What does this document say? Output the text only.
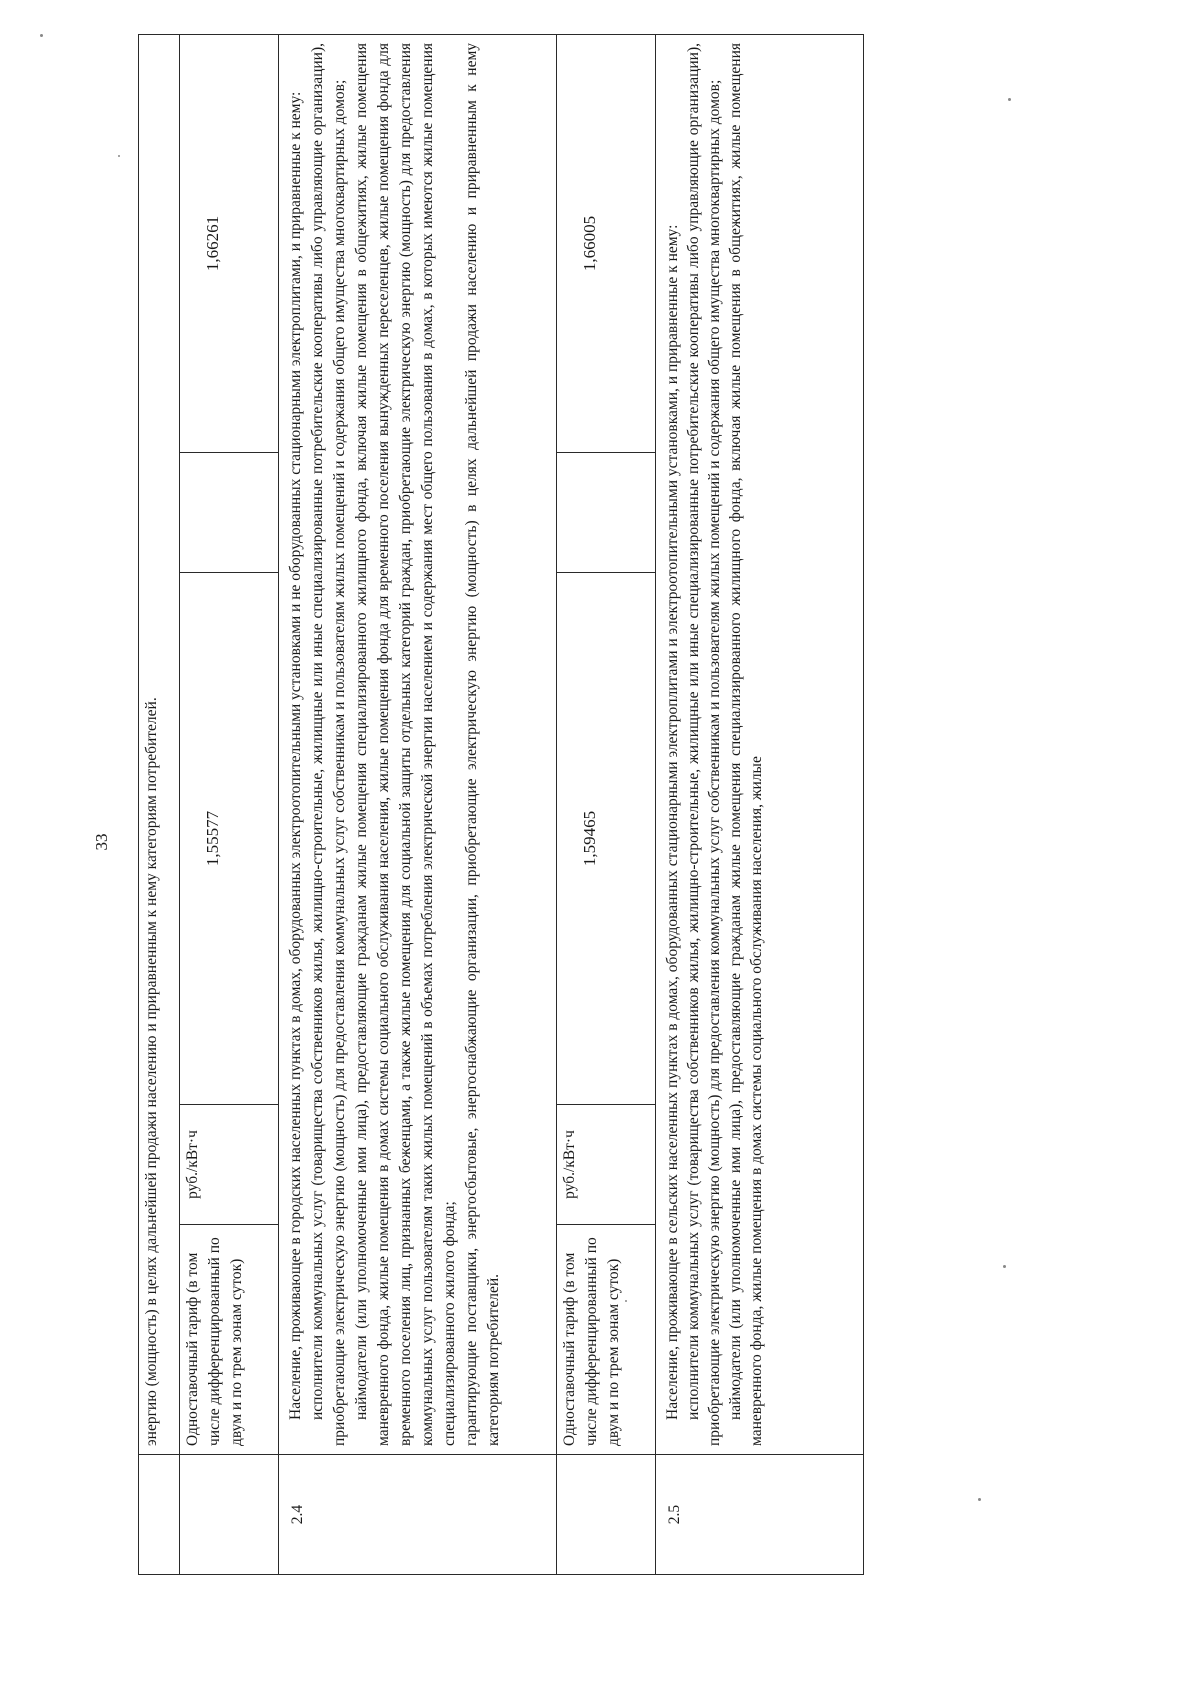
33
	энергию (мощность) в целях дальнейшей продажи населению и приравненным к нему категориям потребителей.				
	Одноставочный тариф (в том числе дифференцированный по двум и по трем зонам суток)	руб./кВт·ч	1,55577		1,66261
2.4	Население, проживающее в городских населенных пунктах в домах, оборудованных электроотопительными установками и не оборудованных стационарными электроплитами, и приравненные к нему: исполнители коммунальных услуг (товарищества собственников жилья, жилищно-строительные, жилищные или иные специализированные потребительские кооперативы либо управляющие организации), приобретающие электрическую энергию (мощность) для предоставления коммунальных услуг собственникам и пользователям жилых помещений и содержания общего имущества многоквартирных домов; наймодатели (или уполномоченные ими лица), предоставляющие гражданам жилые помещения специализированного жилищного фонда, включая жилые помещения в общежитиях, жилые помещения маневренного фонда, жилые помещения в домах системы социального обслуживания населения, жилые помещения фонда для временного поселения вынужденных переселенцев, жилые помещения фонда для временного поселения лиц, признанных беженцами, а также жилые помещения для социальной защиты отдельных категорий граждан, приобретающие электрическую энергию (мощность) для предоставления коммунальных услуг пользователям таких жилых помещений в объемах потребления электрической энергии населением и содержания мест общего пользования в домах, в которых имеются жилые помещения специализированного жилого фонда; гарантирующие поставщики, энергосбытовые, энергоснабжающие организации, приобретающие электрическую энергию (мощность) в целях дальнейшей продажи населению и приравненным к нему категориям потребителей.				

	Одноставочный тариф (в том числе дифференцированный по двум и по трем зонам суток)	руб./кВт·ч	1,59465		1,66005
2.5	Население, проживающее в сельских населенных пунктах в домах, оборудованных стационарными электроплитами и электроотопительными установками, и приравненные к нему: исполнители коммунальных услуг (товарищества собственников жилья, жилищно-строительные, жилищные или иные специализированные потребительские кооперативы либо управляющие организации), приобретающие электрическую энергию (мощность) для предоставления коммунальных услуг собственникам и пользователям жилых помещений и содержания общего имущества многоквартирных домов; наймодатели (или уполномоченные ими лица), предоставляющие гражданам жилые помещения специализированного жилищного фонда, включая жилые помещения в общежитиях, жилые помещения маневренного фонда, жилые помещения в домах системы социального обслуживания населения, жилые				
